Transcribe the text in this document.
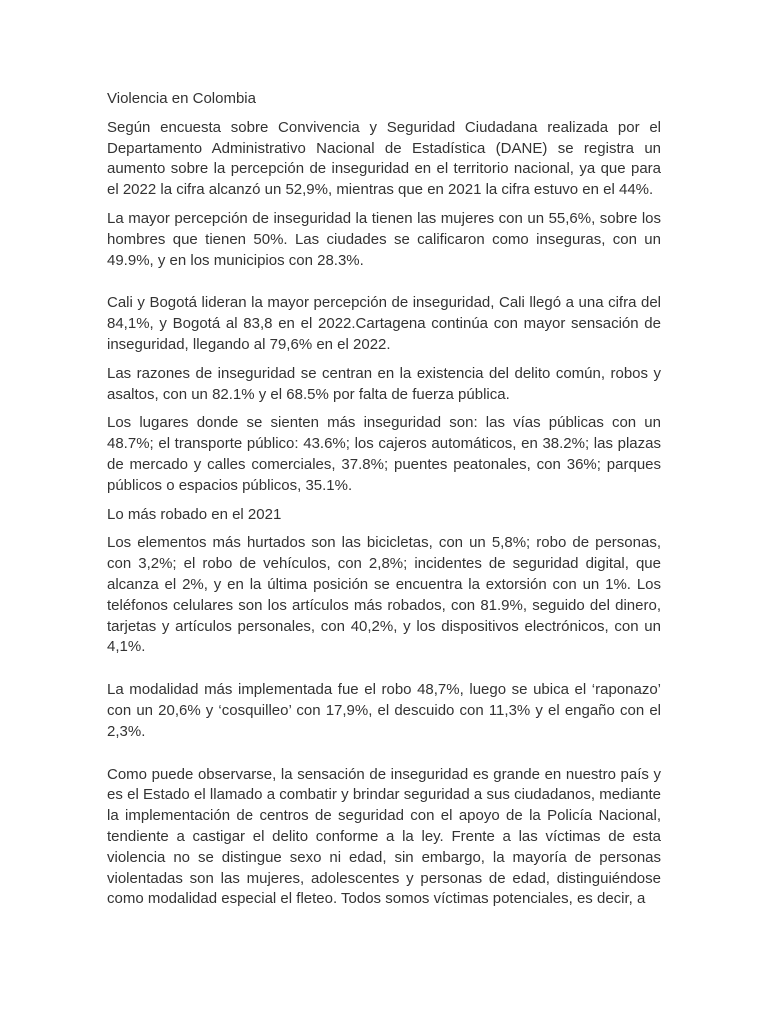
Violencia en Colombia

Según encuesta sobre Convivencia y Seguridad Ciudadana realizada por el Departamento Administrativo Nacional de Estadística (DANE) se registra un aumento sobre la percepción de inseguridad en el territorio nacional, ya que para el 2022 la cifra alcanzó un 52,9%, mientras que en 2021 la cifra estuvo en el 44%.

La mayor percepción de inseguridad la tienen las mujeres con un 55,6%, sobre los hombres que tienen 50%. Las ciudades se calificaron como inseguras, con un 49.9%, y en los municipios con 28.3%.

Cali y Bogotá lideran la mayor percepción de inseguridad, Cali llegó a una cifra del 84,1%, y Bogotá al 83,8 en el 2022.Cartagena continúa con mayor sensación de inseguridad, llegando al 79,6% en el 2022.

Las razones de inseguridad se centran en la existencia del delito común, robos y asaltos, con un 82.1% y el 68.5% por falta de fuerza pública.

Los lugares donde se sienten más inseguridad son: las vías públicas con un 48.7%; el transporte público: 43.6%; los cajeros automáticos, en 38.2%; las plazas de mercado y calles comerciales, 37.8%; puentes peatonales, con 36%; parques públicos o espacios públicos, 35.1%.

Lo más robado en el 2021

Los elementos más hurtados son las bicicletas, con un 5,8%; robo de personas, con 3,2%; el robo de vehículos, con 2,8%; incidentes de seguridad digital, que alcanza el 2%, y en la última posición se encuentra la extorsión con un 1%. Los teléfonos celulares son los artículos más robados, con 81.9%, seguido del dinero, tarjetas y artículos personales, con 40,2%, y los dispositivos electrónicos, con un 4,1%.

La modalidad más implementada fue el robo 48,7%, luego se ubica el ‘raponazo’ con un 20,6% y ‘cosquilleo’ con 17,9%, el descuido con 11,3% y el engaño con el 2,3%.

Como puede observarse, la sensación de inseguridad es grande en nuestro país y es el Estado el llamado a combatir y brindar seguridad a sus ciudadanos, mediante la implementación de centros de seguridad con el apoyo de la Policía Nacional, tendiente a castigar el delito conforme a la ley. Frente a las víctimas de esta violencia no se distingue sexo ni edad, sin embargo, la mayoría de personas violentadas son las mujeres, adolescentes y personas de edad, distinguiéndose como modalidad especial el fleteo. Todos somos víctimas potenciales, es decir, a
